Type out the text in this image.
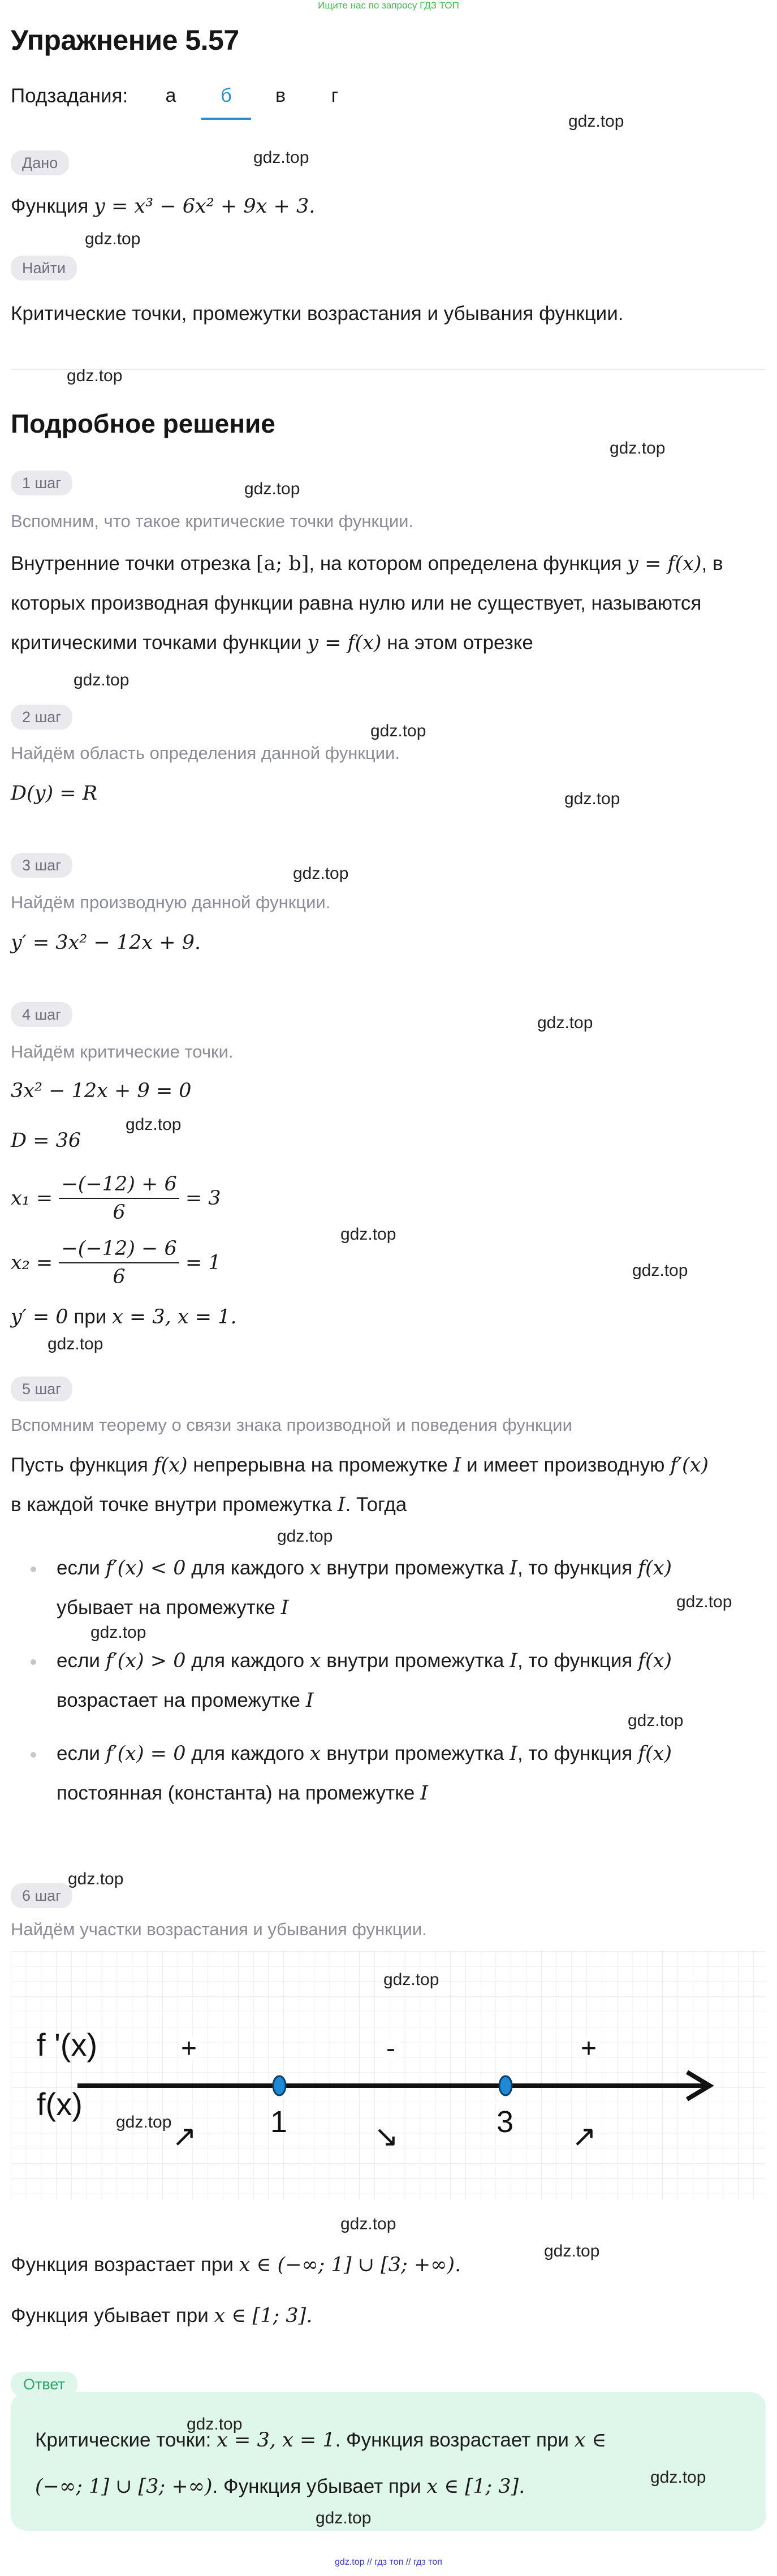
Ищите нас по запросу ГДЗ ТОП
Упражнение 5.57
Подзадания:	а	б	в	г
Дано
Функция y = x³ − 6x² + 9x + 3.
Найти
Критические точки, промежутки возрастания и убывания функции.
Подробное решение
1 шаг
Вспомним, что такое критические точки функции.
Внутренние точки отрезка [a; b], на котором определена функция y = f(x), в
которых производная функции равна нулю или не существует, называются
критическими точками функции y = f(x) на этом отрезке
2 шаг
Найдём область определения данной функции.
D(y) = R
3 шаг
Найдём производную данной функции.
y′ = 3x² − 12x + 9.
4 шаг
Найдём критические точки.
3x² − 12x + 9 = 0
D = 36
$x_1 = \frac{-(-12) + 6}{6} = 3$
$x_2 = \frac{-(-12) - 6}{6} = 1$
y′ = 0 при x = 3, x = 1.
5 шаг
Вспомним теорему о связи знака производной и поведения функции
Пусть функция f(x) непрерывна на промежутке I и имеет производную f′(x)
в каждой точке внутри промежутка I. Тогда
если f′(x) < 0 для каждого x внутри промежутка I, то функция f(x)
убывает на промежутке I
если f′(x) > 0 для каждого x внутри промежутка I, то функция f(x)
возрастает на промежутке I
если f′(x) = 0 для каждого x внутри промежутка I, то функция f(x)
постоянная (константа) на промежутке I
6 шаг
Найдём участки возрастания и убывания функции.
f '(x)
f(x)	1	3
+	-	+
↗	↘	↗
Функция возрастает при x ∈ (−∞; 1] ∪ [3; +∞).
Функция убывает при x ∈ [1; 3].
Ответ
Критические точки: x = 3, x = 1. Функция возрастает при x ∈
(−∞; 1] ∪ [3; +∞). Функция убывает при x ∈ [1; 3].
gdz.top
gdz.top
gdz.top
gdz.top
gdz.top
gdz.top
gdz.top
gdz.top
gdz.top
gdz.top
gdz.top
gdz.top
gdz.top
gdz.top
gdz.top
gdz.top
gdz.top
gdz.top
gdz.top
gdz.top
gdz.top
gdz.top
gdz.top
gdz.top
gdz.top
gdz.top
gdz.top
gdz.top // гдз топ // гдз топ
